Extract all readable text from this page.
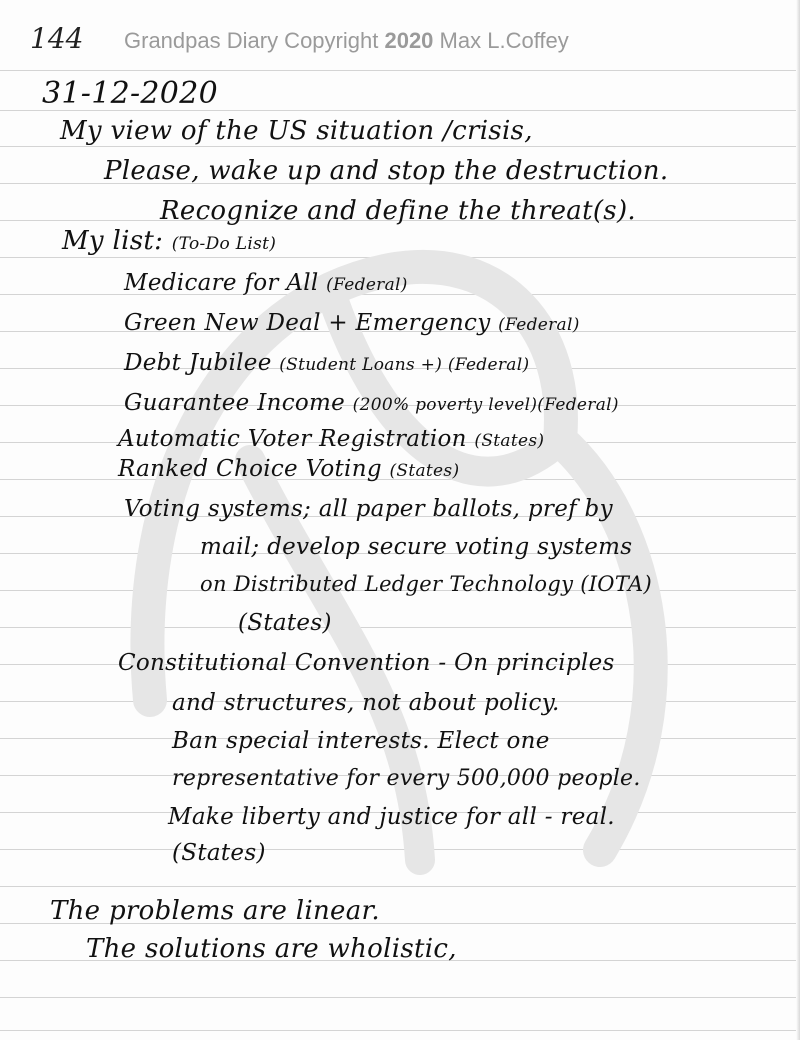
144 Grandpas Diary Copyright 2020 Max L.Coffey
31-12-2020
My view of the US situation /crisis,
Please, wake up and stop the destruction.
Recognize and define the threat(s).
My list: (To-Do List)
Medicare for All (Federal)
Green New Deal + Emergency (Federal)
Debt Jubilee (Student Loans +) (Federal)
Guarantee Income (200% poverty level)(Federal)
Automatic Voter Registration (States)
Ranked Choice Voting (States)
Voting systems; all paper ballots, pref by
mail; develop secure voting systems
on Distributed Ledger Technology (IOTA)
(States)
Constitutional Convention - On principles
and structures, not about policy.
Ban special interests. Elect one
representative for every 500,000 people.
Make liberty and justice for all - real.
(States)
The problems are linear.
The solutions are wholistic,
